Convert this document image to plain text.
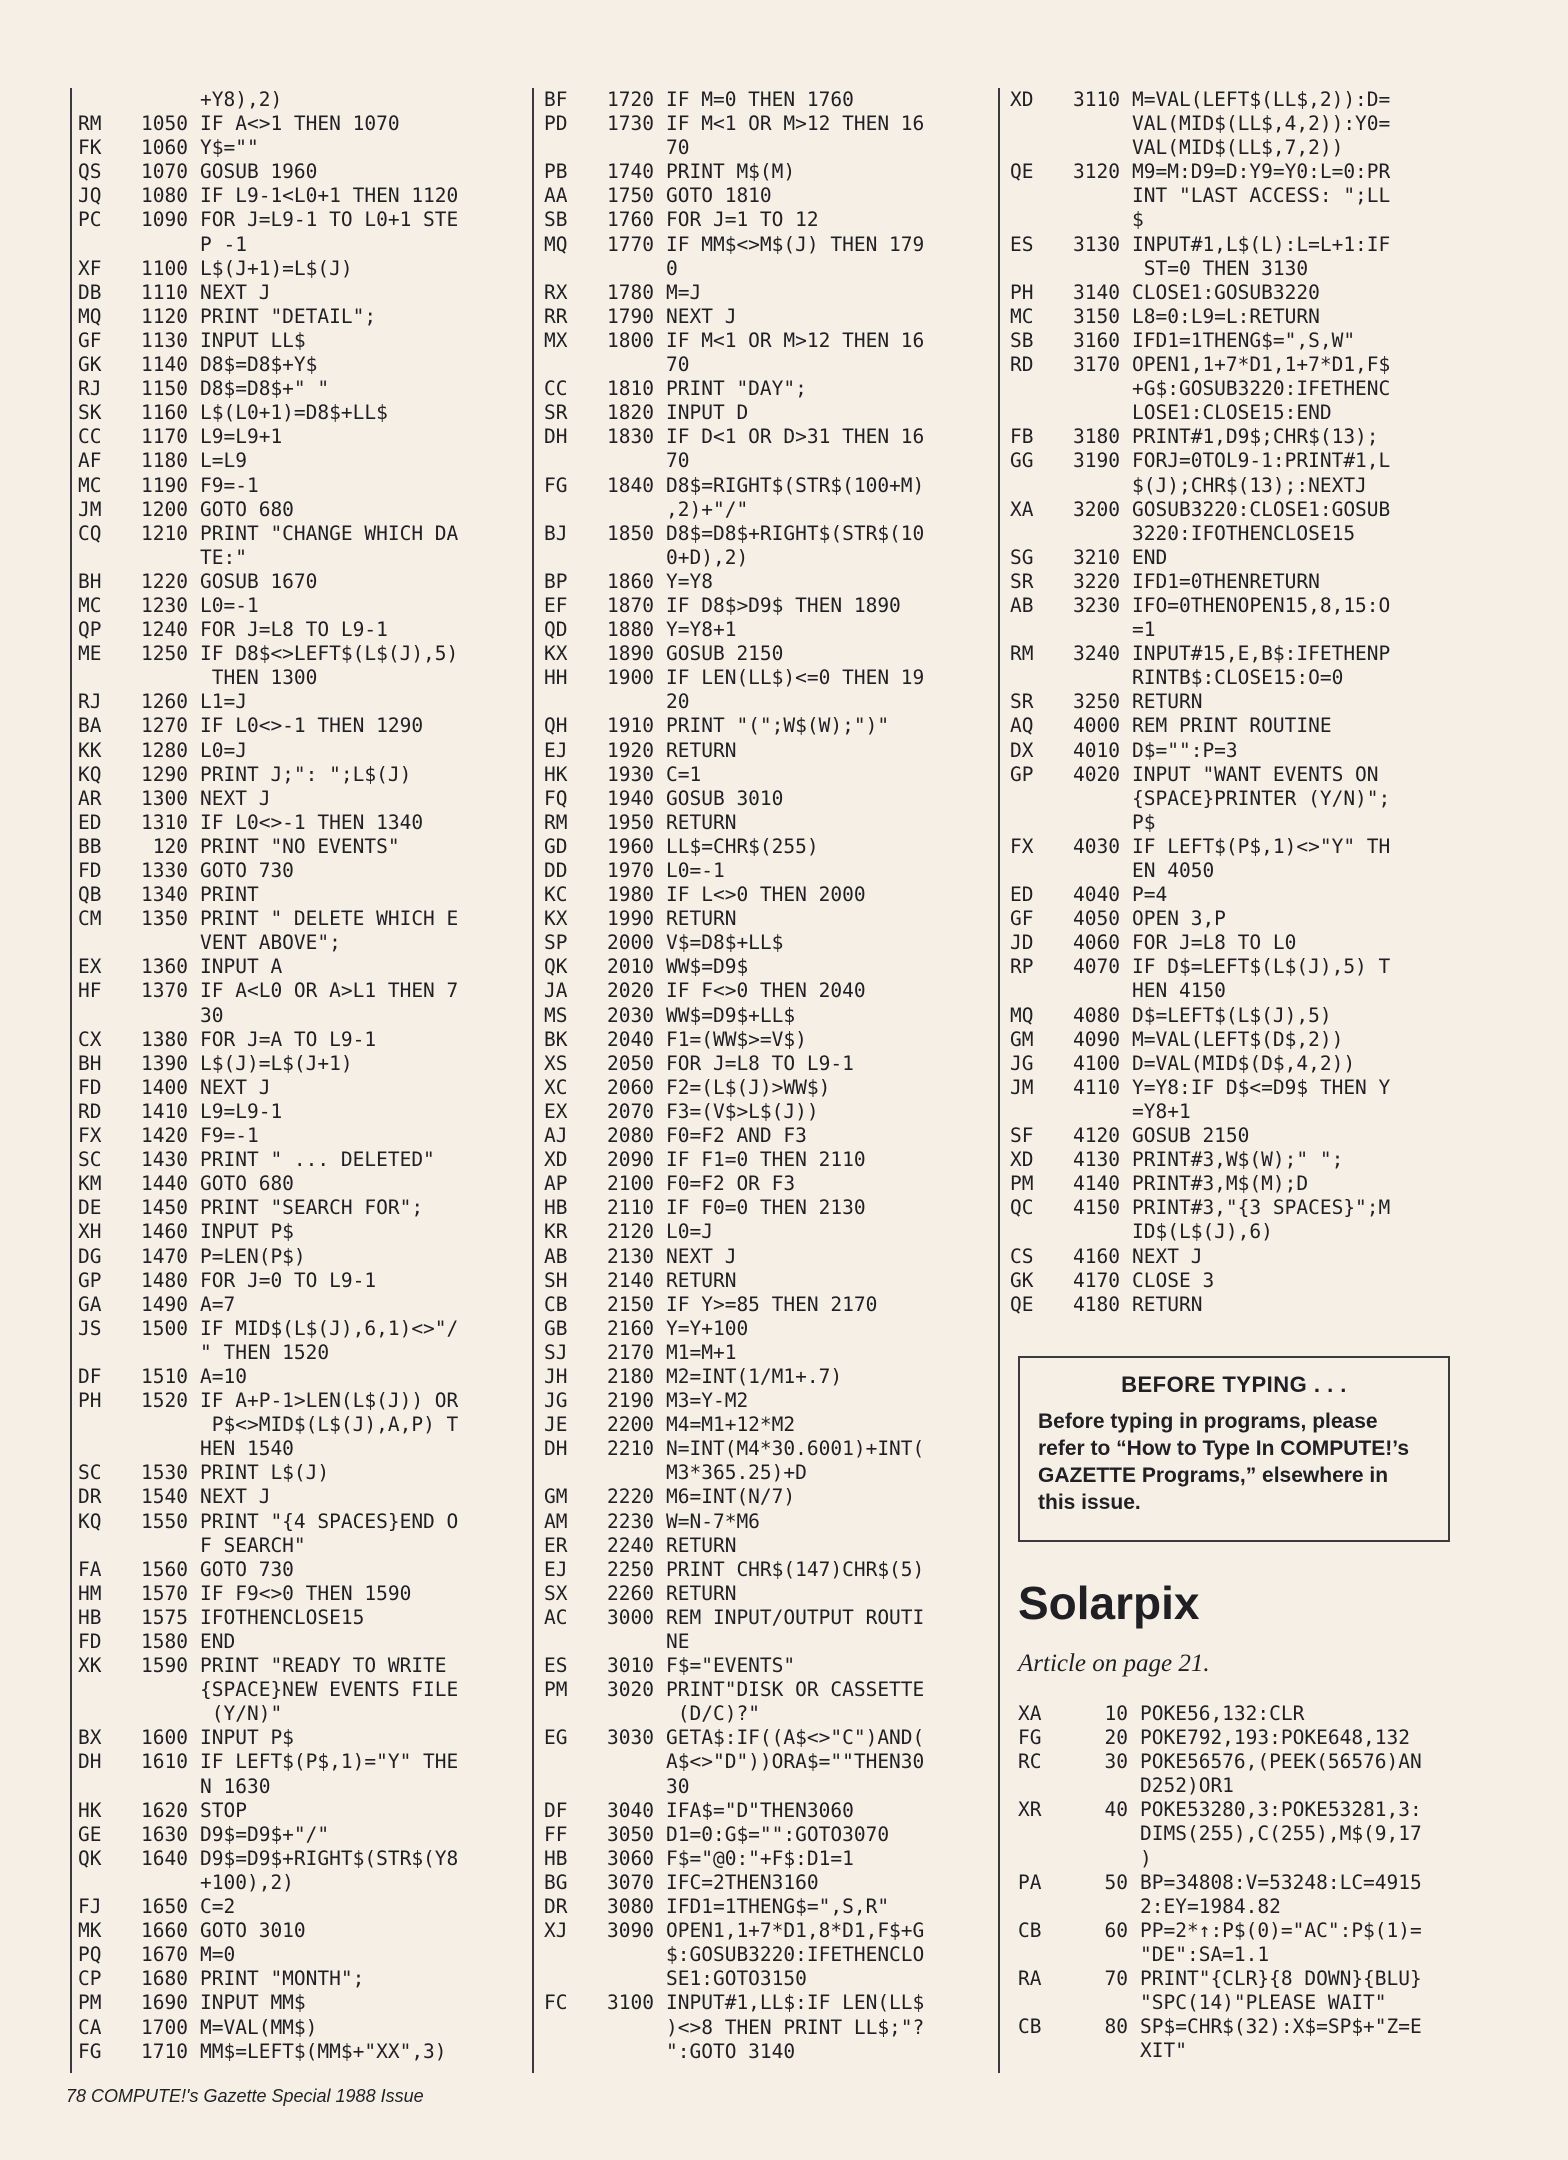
+Y8),2)
RM	1050 IF A<>1 THEN 1070
FK	1060 Y$=""
QS	1070 GOSUB 1960
JQ	1080 IF L9-1<L0+1 THEN 1120
PC	1090 FOR J=L9-1 TO L0+1 STE
P -1
XF	1100 L$(J+1)=L$(J)
DB	1110 NEXT J
MQ	1120 PRINT "DETAIL";
GF	1130 INPUT LL$
GK	1140 D8$=D8$+Y$
RJ	1150 D8$=D8$+" "
SK	1160 L$(L0+1)=D8$+LL$
CC	1170 L9=L9+1
AF	1180 L=L9
MC	1190 F9=-1
JM	1200 GOTO 680
CQ	1210 PRINT "CHANGE WHICH DA
TE:"
BH	1220 GOSUB 1670
MC	1230 L0=-1
QP	1240 FOR J=L8 TO L9-1
ME	1250 IF D8$<>LEFT$(L$(J),5)
THEN 1300
RJ	1260 L1=J
BA	1270 IF L0<>-1 THEN 1290
KK	1280 L0=J
KQ	1290 PRINT J;": ";L$(J)
AR	1300 NEXT J
ED	1310 IF L0<>-1 THEN 1340
BB	120 PRINT "NO EVENTS"
FD	1330 GOTO 730
QB	1340 PRINT
CM	1350 PRINT " DELETE WHICH E
VENT ABOVE";
EX	1360 INPUT A
HF	1370 IF A<L0 OR A>L1 THEN 7
30
CX	1380 FOR J=A TO L9-1
BH	1390 L$(J)=L$(J+1)
FD	1400 NEXT J
RD	1410 L9=L9-1
FX	1420 F9=-1
SC	1430 PRINT " ... DELETED"
KM	1440 GOTO 680
DE	1450 PRINT "SEARCH FOR";
XH	1460 INPUT P$
DG	1470 P=LEN(P$)
GP	1480 FOR J=0 TO L9-1
GA	1490 A=7
JS	1500 IF MID$(L$(J),6,1)<>"/
" THEN 1520
DF	1510 A=10
PH	1520 IF A+P-1>LEN(L$(J)) OR
P$<>MID$(L$(J),A,P) T
HEN 1540
SC	1530 PRINT L$(J)
DR	1540 NEXT J
KQ	1550 PRINT "{4 SPACES}END O
F SEARCH"
FA	1560 GOTO 730
HM	1570 IF F9<>0 THEN 1590
HB	1575 IFOTHENCLOSE15
FD	1580 END
XK	1590 PRINT "READY TO WRITE
{SPACE}NEW EVENTS FILE
(Y/N)"
BX	1600 INPUT P$
DH	1610 IF LEFT$(P$,1)="Y" THE
N 1630
HK	1620 STOP
GE	1630 D9$=D9$+"/"
QK	1640 D9$=D9$+RIGHT$(STR$(Y8
+100),2)
FJ	1650 C=2
MK	1660 GOTO 3010
PQ	1670 M=0
CP	1680 PRINT "MONTH";
PM	1690 INPUT MM$
CA	1700 M=VAL(MM$)
FG	1710 MM$=LEFT$(MM$+"XX",3)
BF	1720 IF M=0 THEN 1760
PD	1730 IF M<1 OR M>12 THEN 16
70
PB	1740 PRINT M$(M)
AA	1750 GOTO 1810
SB	1760 FOR J=1 TO 12
MQ	1770 IF MM$<>M$(J) THEN 179
0
RX	1780 M=J
RR	1790 NEXT J
MX	1800 IF M<1 OR M>12 THEN 16
70
CC	1810 PRINT "DAY";
SR	1820 INPUT D
DH	1830 IF D<1 OR D>31 THEN 16
70
FG	1840 D8$=RIGHT$(STR$(100+M)
,2)+"/"
BJ	1850 D8$=D8$+RIGHT$(STR$(10
0+D),2)
BP	1860 Y=Y8
EF	1870 IF D8$>D9$ THEN 1890
QD	1880 Y=Y8+1
KX	1890 GOSUB 2150
HH	1900 IF LEN(LL$)<=0 THEN 19
20
QH	1910 PRINT "(";W$(W);")"
EJ	1920 RETURN
HK	1930 C=1
FQ	1940 GOSUB 3010
RM	1950 RETURN
GD	1960 LL$=CHR$(255)
DD	1970 L0=-1
KC	1980 IF L<>0 THEN 2000
KX	1990 RETURN
SP	2000 V$=D8$+LL$
QK	2010 WW$=D9$
JA	2020 IF F<>0 THEN 2040
MS	2030 WW$=D9$+LL$
BK	2040 F1=(WW$>=V$)
XS	2050 FOR J=L8 TO L9-1
XC	2060 F2=(L$(J)>WW$)
EX	2070 F3=(V$>L$(J))
AJ	2080 F0=F2 AND F3
XD	2090 IF F1=0 THEN 2110
AP	2100 F0=F2 OR F3
HB	2110 IF F0=0 THEN 2130
KR	2120 L0=J
AB	2130 NEXT J
SH	2140 RETURN
CB	2150 IF Y>=85 THEN 2170
GB	2160 Y=Y+100
SJ	2170 M1=M+1
JH	2180 M2=INT(1/M1+.7)
JG	2190 M3=Y-M2
JE	2200 M4=M1+12*M2
DH	2210 N=INT(M4*30.6001)+INT(
M3*365.25)+D
GM	2220 M6=INT(N/7)
AM	2230 W=N-7*M6
ER	2240 RETURN
EJ	2250 PRINT CHR$(147)CHR$(5)
SX	2260 RETURN
AC	3000 REM INPUT/OUTPUT ROUTI
NE
ES	3010 F$="EVENTS"
PM	3020 PRINT"DISK OR CASSETTE
(D/C)?"
EG	3030 GETA$:IF((A$<>"C")AND(
A$<>"D"))ORA$=""THEN30
30
DF	3040 IFA$="D"THEN3060
FF	3050 D1=0:G$="":GOTO3070
HB	3060 F$="@0:"+F$:D1=1
BG	3070 IFC=2THEN3160
DR	3080 IFD1=1THENG$=",S,R"
XJ	3090 OPEN1,1+7*D1,8*D1,F$+G
$:GOSUB3220:IFETHENCLO
SE1:GOTO3150
FC	3100 INPUT#1,LL$:IF LEN(LL$
)<>8 THEN PRINT LL$;"?
":GOTO 3140
XD	3110 M=VAL(LEFT$(LL$,2)):D=
VAL(MID$(LL$,4,2)):Y0=
VAL(MID$(LL$,7,2))
QE	3120 M9=M:D9=D:Y9=Y0:L=0:PR
INT "LAST ACCESS: ";LL
$
ES	3130 INPUT#1,L$(L):L=L+1:IF
ST=0 THEN 3130
PH	3140 CLOSE1:GOSUB3220
MC	3150 L8=0:L9=L:RETURN
SB	3160 IFD1=1THENG$=",S,W"
RD	3170 OPEN1,1+7*D1,1+7*D1,F$
+G$:GOSUB3220:IFETHENC
LOSE1:CLOSE15:END
FB	3180 PRINT#1,D9$;CHR$(13);
GG	3190 FORJ=0TOL9-1:PRINT#1,L
$(J);CHR$(13);:NEXTJ
XA	3200 GOSUB3220:CLOSE1:GOSUB
3220:IFOTHENCLOSE15
SG	3210 END
SR	3220 IFD1=0THENRETURN
AB	3230 IFO=0THENOPEN15,8,15:O
=1
RM	3240 INPUT#15,E,B$:IFETHENP
RINTB$:CLOSE15:O=0
SR	3250 RETURN
AQ	4000 REM PRINT ROUTINE
DX	4010 D$="":P=3
GP	4020 INPUT "WANT EVENTS ON
{SPACE}PRINTER (Y/N)";
P$
FX	4030 IF LEFT$(P$,1)<>"Y" TH
EN 4050
ED	4040 P=4
GF	4050 OPEN 3,P
JD	4060 FOR J=L8 TO L0
RP	4070 IF D$=LEFT$(L$(J),5) T
HEN 4150
MQ	4080 D$=LEFT$(L$(J),5)
GM	4090 M=VAL(LEFT$(D$,2))
JG	4100 D=VAL(MID$(D$,4,2))
JM	4110 Y=Y8:IF D$<=D9$ THEN Y
=Y8+1
SF	4120 GOSUB 2150
XD	4130 PRINT#3,W$(W);" ";
PM	4140 PRINT#3,M$(M);D
QC	4150 PRINT#3,"{3 SPACES}";M
ID$(L$(J),6)
CS	4160 NEXT J
GK	4170 CLOSE 3
QE	4180 RETURN
BEFORE TYPING . . .
Before typing in programs, please refer to “How to Type In COMPUTE!’s GAZETTE Programs,” elsewhere in this issue.
Solarpix
Article on page 21.
XA	10 POKE56,132:CLR
FG	20 POKE792,193:POKE648,132
RC	30 POKE56576,(PEEK(56576)AN
D252)OR1
XR	40 POKE53280,3:POKE53281,3:
DIMS(255),C(255),M$(9,17
)
PA	50 BP=34808:V=53248:LC=4915
2:EY=1984.82
CB	60 PP=2*↑:P$(0)="AC":P$(1)=
"DE":SA=1.1
RA	70 PRINT"{CLR}{8 DOWN}{BLU}
"SPC(14)"PLEASE WAIT"
CB	80 SP$=CHR$(32):X$=SP$+"Z=E
XIT"
78 COMPUTE!'s Gazette Special 1988 Issue
